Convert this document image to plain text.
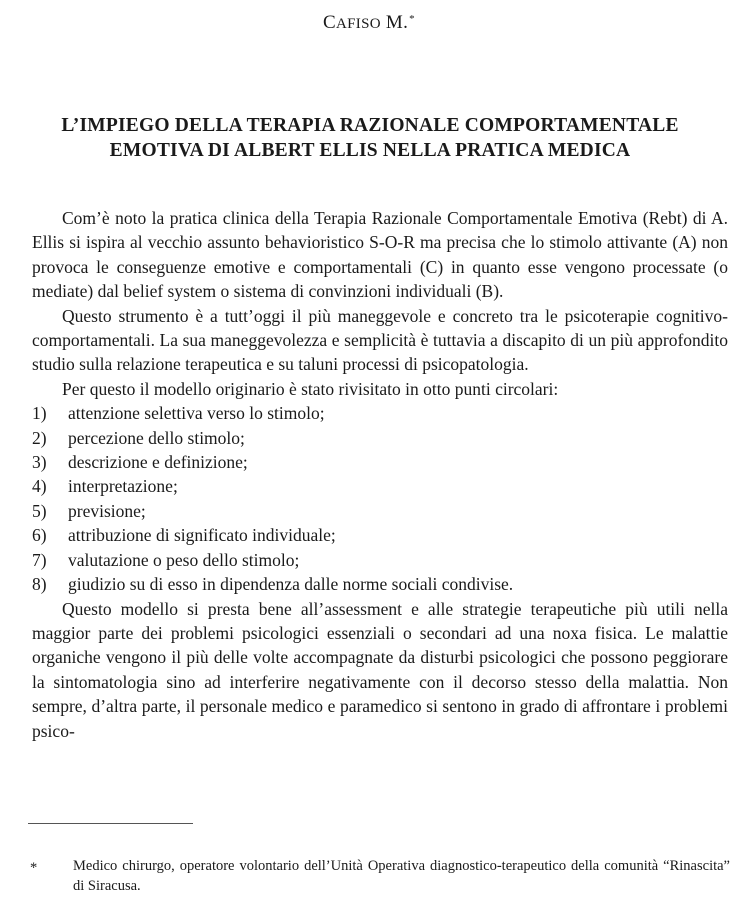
CAFISO M.*
L’IMPIEGO DELLA TERAPIA RAZIONALE COMPORTAMENTALE
EMOTIVA DI ALBERT ELLIS NELLA PRATICA MEDICA

Com’è noto la pratica clinica della Terapia Razionale Comportamentale Emotiva (Rebt) di A. Ellis si ispira al vecchio assunto behavioristico S-O-R ma precisa che lo stimolo attivante (A) non provoca le conseguenze emotive e comportamentali (C) in quanto esse vengono processate (o mediate) dal belief system o sistema di convinzioni individuali (B).

Questo strumento è a tutt’oggi il più maneggevole e concreto tra le psicoterapie cognitivo-comportamentali. La sua maneggevolezza e semplicità è tuttavia a discapito di un più approfondito studio sulla relazione terapeutica e su taluni processi di psicopatologia.

Per questo il modello originario è stato rivisitato in otto punti circolari:

1) attenzione selettiva verso lo stimolo;
2) percezione dello stimolo;
3) descrizione e definizione;
4) interpretazione;
5) previsione;
6) attribuzione di significato individuale;
7) valutazione o peso dello stimolo;
8) giudizio su di esso in dipendenza dalle norme sociali condivise.

Questo modello si presta bene all’assessment e alle strategie terapeutiche più utili nella maggior parte dei problemi psicologici essenziali o secondari ad una noxa fisica. Le malattie organiche vengono il più delle volte accompagnate da disturbi psicologici che possono peggiorare la sintomatologia sino ad interferire negativamente con il decorso stesso della malattia. Non sempre, d’altra parte, il personale medico e paramedico si sentono in grado di affrontare i problemi psico-

* Medico chirurgo, operatore volontario dell’Unità Operativa diagnostico-terapeutico della comunità “Rinascita” di Siracusa.
